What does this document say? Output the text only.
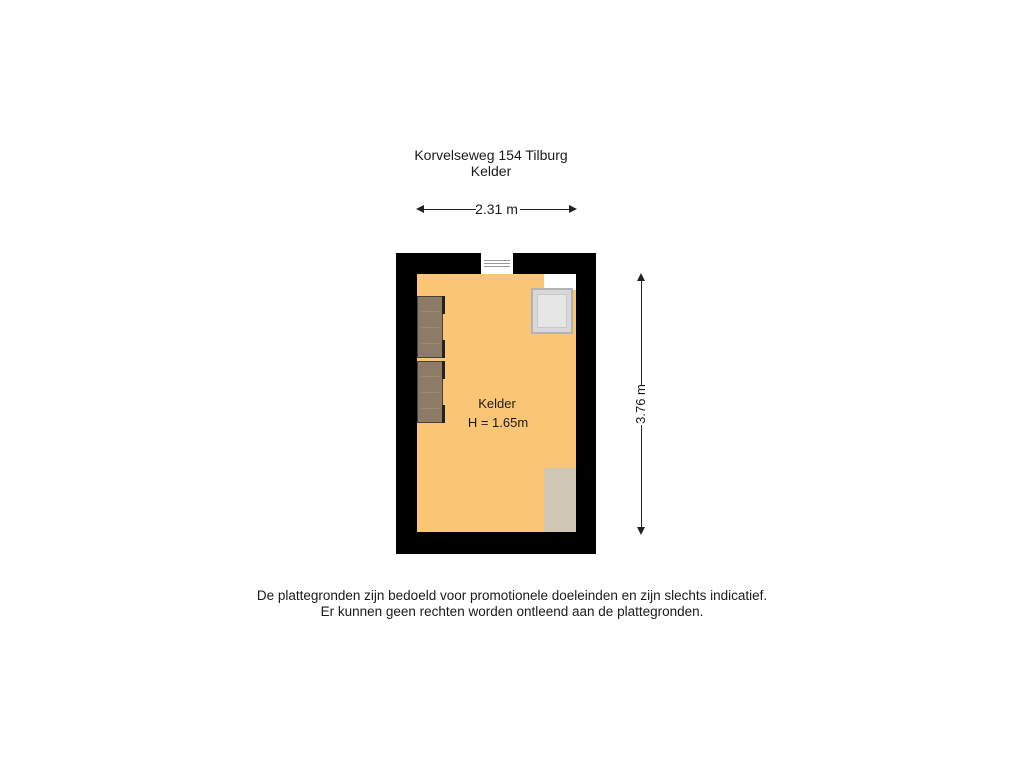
Korvelseweg 154 Tilburg
Kelder
2.31 m
3.76 m
Kelder
H = 1.65m
De plattegronden zijn bedoeld voor promotionele doeleinden en zijn slechts indicatief.
Er kunnen geen rechten worden ontleend aan de plattegronden.
